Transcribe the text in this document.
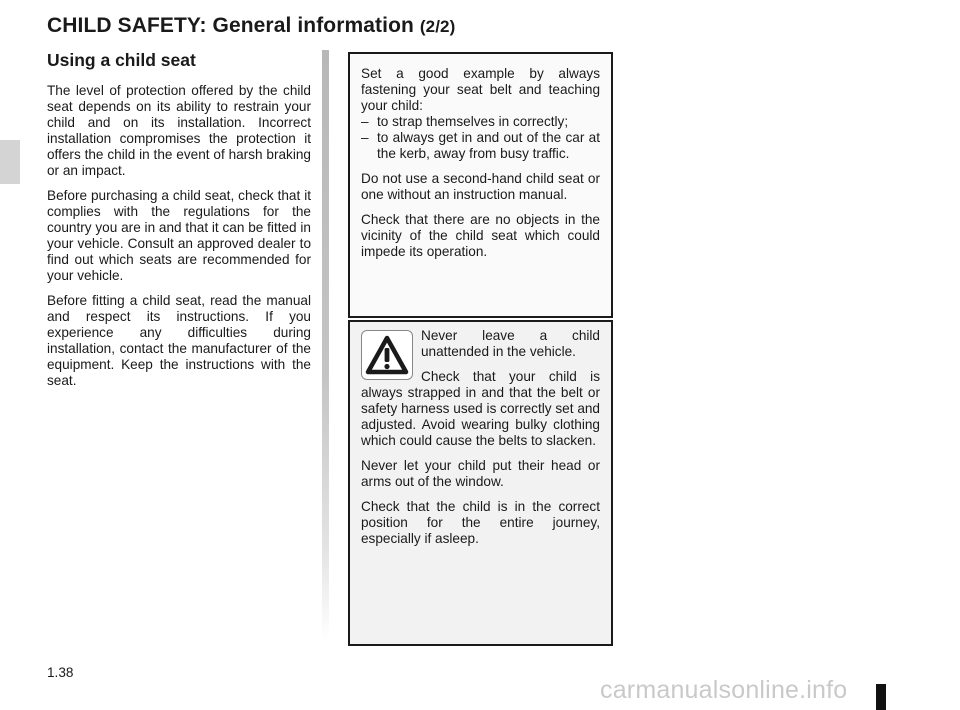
CHILD SAFETY: General information (2/2)
Using a child seat

The level of protection offered by the child seat depends on its ability to restrain your child and on its installation. Incorrect installation compromises the protection it offers the child in the event of harsh braking or an impact.

Before purchasing a child seat, check that it complies with the regulations for the country you are in and that it can be fitted in your vehicle. Consult an approved dealer to find out which seats are recommended for your vehicle.

Before fitting a child seat, read the manual and respect its instructions. If you experience any difficulties during installation, contact the manufacturer of the equipment. Keep the instructions with the seat.

Set a good example by always fastening your seat belt and teaching your child:

– to strap themselves in correctly;
– to always get in and out of the car at the kerb, away from busy traffic.

Do not use a second-hand child seat or one without an instruction manual.

Check that there are no objects in the vicinity of the child seat which could impede its operation.

Never leave a child unattended in the vehicle.

Check that your child is always strapped in and that the belt or safety harness used is correctly set and adjusted. Avoid wearing bulky clothing which could cause the belts to slacken.

Never let your child put their head or arms out of the window.

Check that the child is in the correct position for the entire journey, especially if asleep.

1.38
carmanualsonline.info
